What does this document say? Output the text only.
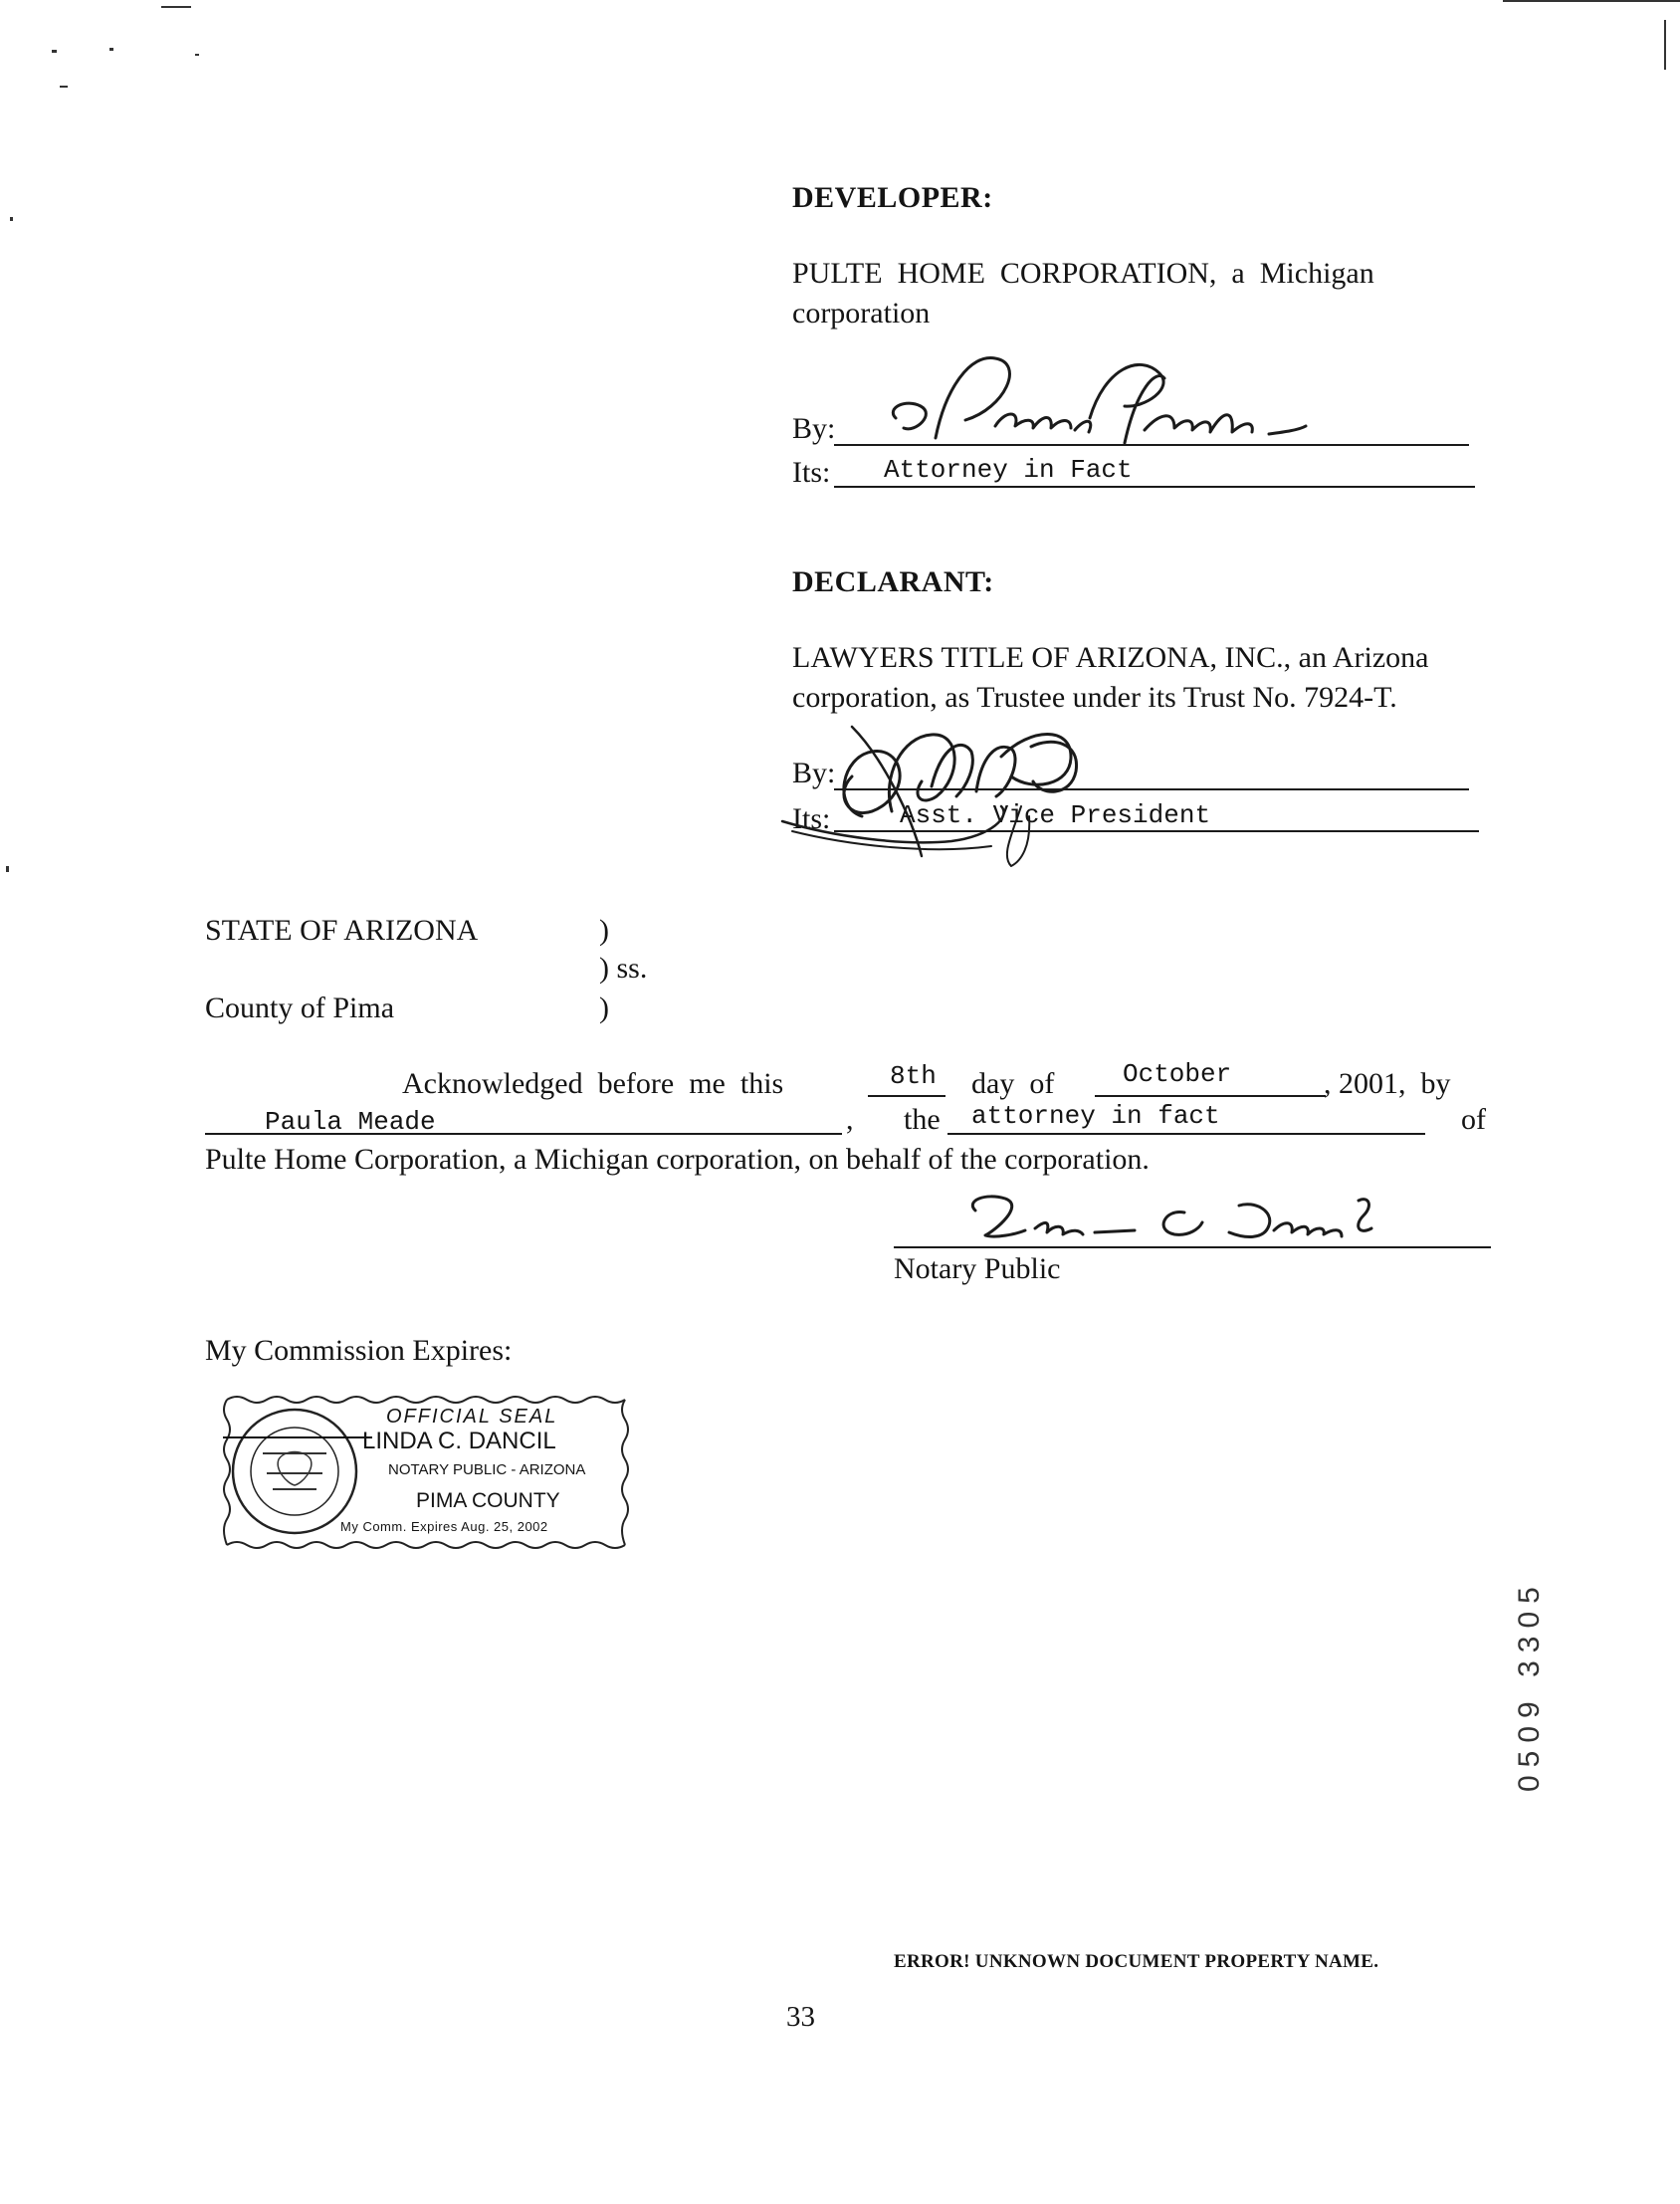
DEVELOPER:
PULTE  HOME  CORPORATION,  a  Michigan
corporation
By:
Its: Attorney in Fact
DECLARANT:
LAWYERS TITLE OF ARIZONA, INC., an Arizona
corporation, as Trustee under its Trust No. 7924-T.
By:
Its:	Asst. Vice President
STATE OF ARIZONA	)
) ss.
County of Pima	)
Acknowledged  before  me  this	8th day  of	October	, 2001,  by
Paula Meade	, the attorney in fact	of
Pulte Home Corporation, a Michigan corporation, on behalf of the corporation.
Notary Public
My Commission Expires:
OFFICIAL SEAL
LINDA C. DANCIL
NOTARY PUBLIC - ARIZONA
PIMA COUNTY
My Comm. Expires Aug. 25, 2002
0509 3305
ERROR! UNKNOWN DOCUMENT PROPERTY NAME.
33
